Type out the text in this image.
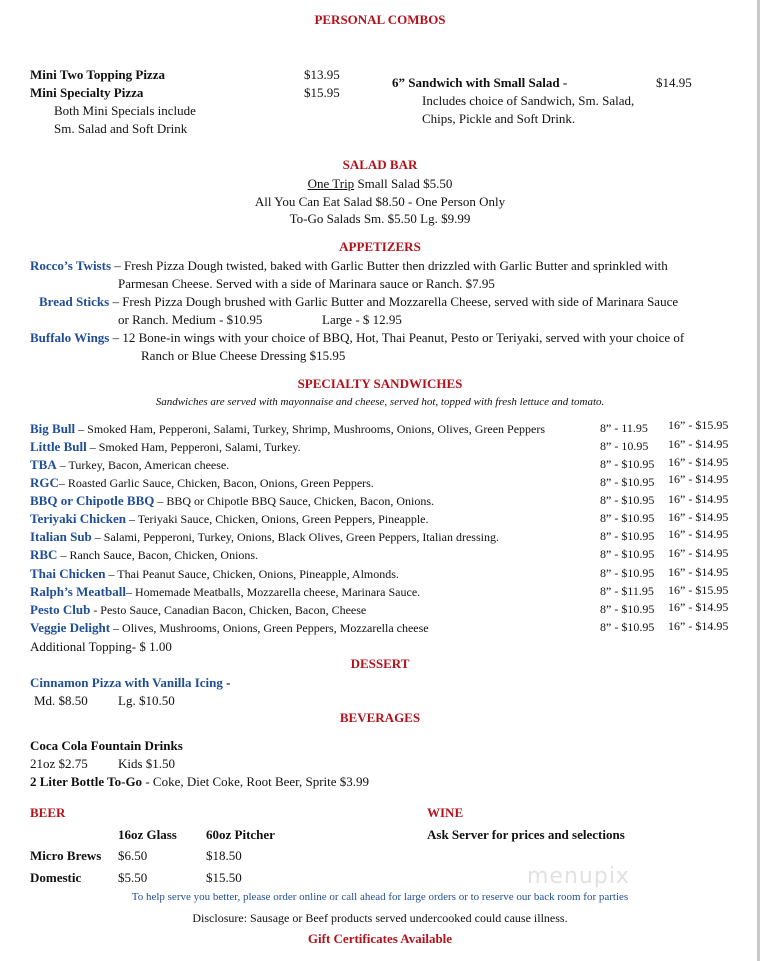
PERSONAL COMBOS
Mini Two Topping Pizza	$13.95
Mini Specialty Pizza	$15.95
Both Mini Specials include
Sm. Salad and Soft Drink
6” Sandwich with Small Salad -	$14.95
Includes choice of Sandwich, Sm. Salad,
Chips, Pickle and Soft Drink.
SALAD BAR
One Trip Small Salad $5.50
All You Can Eat Salad $8.50 - One Person Only
To-Go Salads Sm. $5.50 Lg. $9.99
APPETIZERS
Rocco’s Twists – Fresh Pizza Dough twisted, baked with Garlic Butter then drizzled with Garlic Butter and sprinkled with
Parmesan Cheese. Served with a side of Marinara sauce or Ranch. $7.95
Bread Sticks – Fresh Pizza Dough brushed with Garlic Butter and Mozzarella Cheese, served with side of Marinara Sauce
or Ranch. Medium - $10.95	Large - $ 12.95
Buffalo Wings – 12 Bone-in wings with your choice of BBQ, Hot, Thai Peanut, Pesto or Teriyaki, served with your choice of
Ranch or Blue Cheese Dressing $15.95
SPECIALTY SANDWICHES
Sandwiches are served with mayonnaise and cheese, served hot, topped with fresh lettuce and tomato.
Big Bull – Smoked Ham, Pepperoni, Salami, Turkey, Shrimp, Mushrooms, Onions, Olives, Green Peppers	8” - 11.95 16” - $15.95
Little Bull – Smoked Ham, Pepperoni, Salami, Turkey.	8” - 10.95 16” - $14.95
TBA – Turkey, Bacon, American cheese.	8” - $10.95 16” - $14.95
RGC– Roasted Garlic Sauce, Chicken, Bacon, Onions, Green Peppers.	8” - $10.95 16” - $14.95
BBQ or Chipotle BBQ – BBQ or Chipotle BBQ Sauce, Chicken, Bacon, Onions.	8” - $10.95 16” - $14.95
Teriyaki Chicken – Teriyaki Sauce, Chicken, Onions, Green Peppers, Pineapple.	8” - $10.95 16” - $14.95
Italian Sub – Salami, Pepperoni, Turkey, Onions, Black Olives, Green Peppers, Italian dressing.	8” - $10.95 16” - $14.95
RBC – Ranch Sauce, Bacon, Chicken, Onions.	8” - $10.95 16” - $14.95
Thai Chicken – Thai Peanut Sauce, Chicken, Onions, Pineapple, Almonds.	8” - $10.95 16” - $14.95
Ralph’s Meatball– Homemade Meatballs, Mozzarella cheese, Marinara Sauce.	8” - $11.95 16” - $15.95
Pesto Club - Pesto Sauce, Canadian Bacon, Chicken, Bacon, Cheese	8” - $10.95 16” - $14.95
Veggie Delight – Olives, Mushrooms, Onions, Green Peppers, Mozzarella cheese	8” - $10.95 16” - $14.95
Additional Topping- $ 1.00
DESSERT
Cinnamon Pizza with Vanilla Icing -
Md. $8.50 Lg. $10.50
BEVERAGES
Coca Cola Fountain Drinks
21oz $2.75 Kids $1.50
2 Liter Bottle To-Go - Coke, Diet Coke, Root Beer, Sprite $3.99
BEER
16oz Glass 60oz Pitcher
Micro Brews $6.50	$18.50
Domestic	$5.50	$15.50
WINE
Ask Server for prices and selections
menupix
To help serve you better, please order online or call ahead for large orders or to reserve our back room for parties
Disclosure: Sausage or Beef products served undercooked could cause illness.
Gift Certificates Available
